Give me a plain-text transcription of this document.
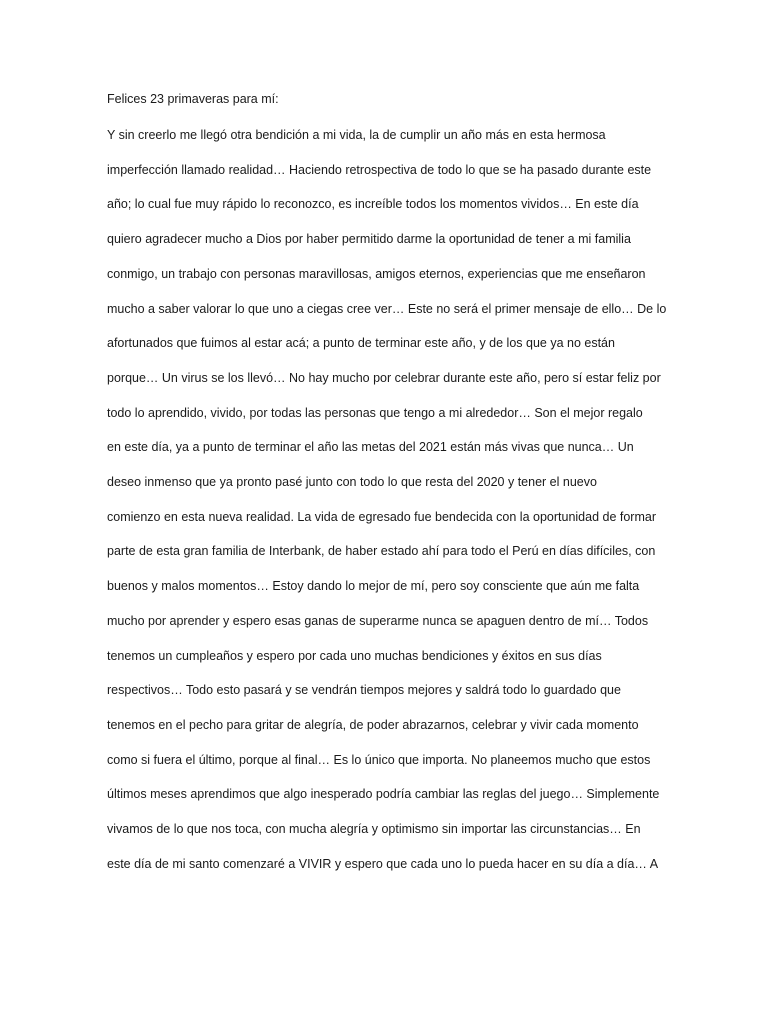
Felices 23 primaveras para mí:

Y sin creerlo me llegó otra bendición a mi vida, la de cumplir un año más en esta hermosa

imperfección llamado realidad… Haciendo retrospectiva de todo lo que se ha pasado durante este

año; lo cual fue muy rápido lo reconozco, es increíble todos los momentos vividos… En este día

quiero agradecer mucho a Dios por haber permitido darme la oportunidad de tener a mi familia

conmigo, un trabajo con personas maravillosas, amigos eternos, experiencias que me enseñaron

mucho a saber valorar lo que uno a ciegas cree ver… Este no será el primer mensaje de ello… De lo

afortunados que fuimos al estar acá; a punto de terminar este año, y de los que ya no están

porque… Un virus se los llevó… No hay mucho por celebrar durante este año, pero sí estar feliz por

todo lo aprendido, vivido, por todas las personas que tengo a mi alrededor… Son el mejor regalo

en este día, ya a punto de terminar el año las metas del 2021 están más vivas que nunca… Un

deseo inmenso que ya pronto pasé junto con todo lo que resta del 2020 y tener el nuevo

comienzo en esta nueva realidad. La vida de egresado fue bendecida con la oportunidad de formar

parte de esta gran familia de Interbank, de haber estado ahí para todo el Perú en días difíciles, con

buenos y malos momentos… Estoy dando lo mejor de mí, pero soy consciente que aún me falta

mucho por aprender y espero esas ganas de superarme nunca se apaguen dentro de mí… Todos

tenemos un cumpleaños y espero por cada uno muchas bendiciones y éxitos en sus días

respectivos… Todo esto pasará y se vendrán tiempos mejores y saldrá todo lo guardado que

tenemos en el pecho para gritar de alegría, de poder abrazarnos, celebrar y vivir cada momento

como si fuera el último, porque al final… Es lo único que importa. No planeemos mucho que estos

últimos meses aprendimos que algo inesperado podría cambiar las reglas del juego… Simplemente

vivamos de lo que nos toca, con mucha alegría y optimismo sin importar las circunstancias… En

este día de mi santo comenzaré a VIVIR y espero que cada uno lo pueda hacer en su día a día… A
